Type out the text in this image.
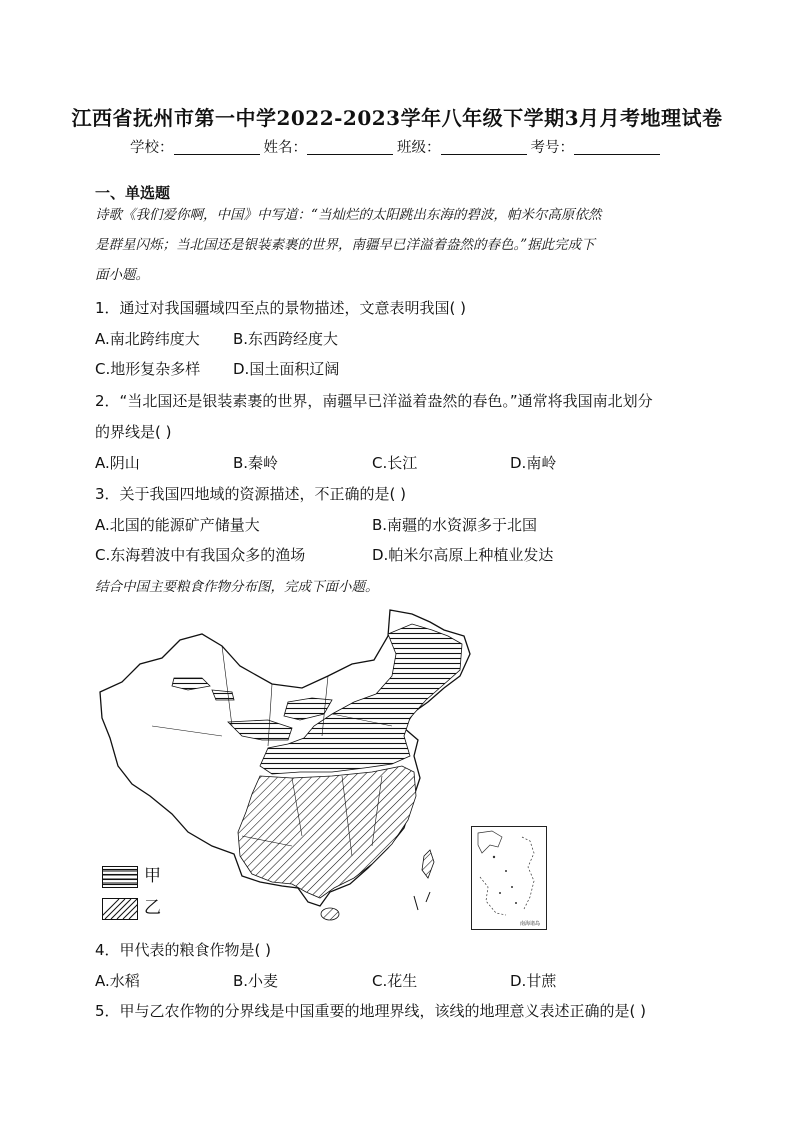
江西省抚州市第一中学2022-2023学年八年级下学期3月月考地理试卷
学校：	姓名：	班级：	考号：
一、单选题
诗歌《我们爱你啊，中国》中写道：“当灿烂的太阳跳出东海的碧波，帕米尔高原依然
是群星闪烁；当北国还是银装素裹的世界，南疆早已洋溢着盎然的春色。”据此完成下
面小题。
1．通过对我国疆域四至点的景物描述，文意表明我国( )
A.南北跨纬度大 B.东西跨经度大
C.地形复杂多样 D.国土面积辽阔
2．“当北国还是银装素裹的世界，南疆早已洋溢着盎然的春色。”通常将我国南北划分
的界线是( )
A.阴山	B.秦岭	C.长江	D.南岭
3．关于我国四地域的资源描述，不正确的是( )
A.北国的能源矿产储量大	B.南疆的水资源多于北国
C.东海碧波中有我国众多的渔场	D.帕米尔高原上种植业发达
结合中国主要粮食作物分布图，完成下面小题。
南海诸岛
甲
乙
4．甲代表的粮食作物是( )
A.水稻	B.小麦	C.花生	D.甘蔗
5．甲与乙农作物的分界线是中国重要的地理界线，该线的地理意义表述正确的是( )
